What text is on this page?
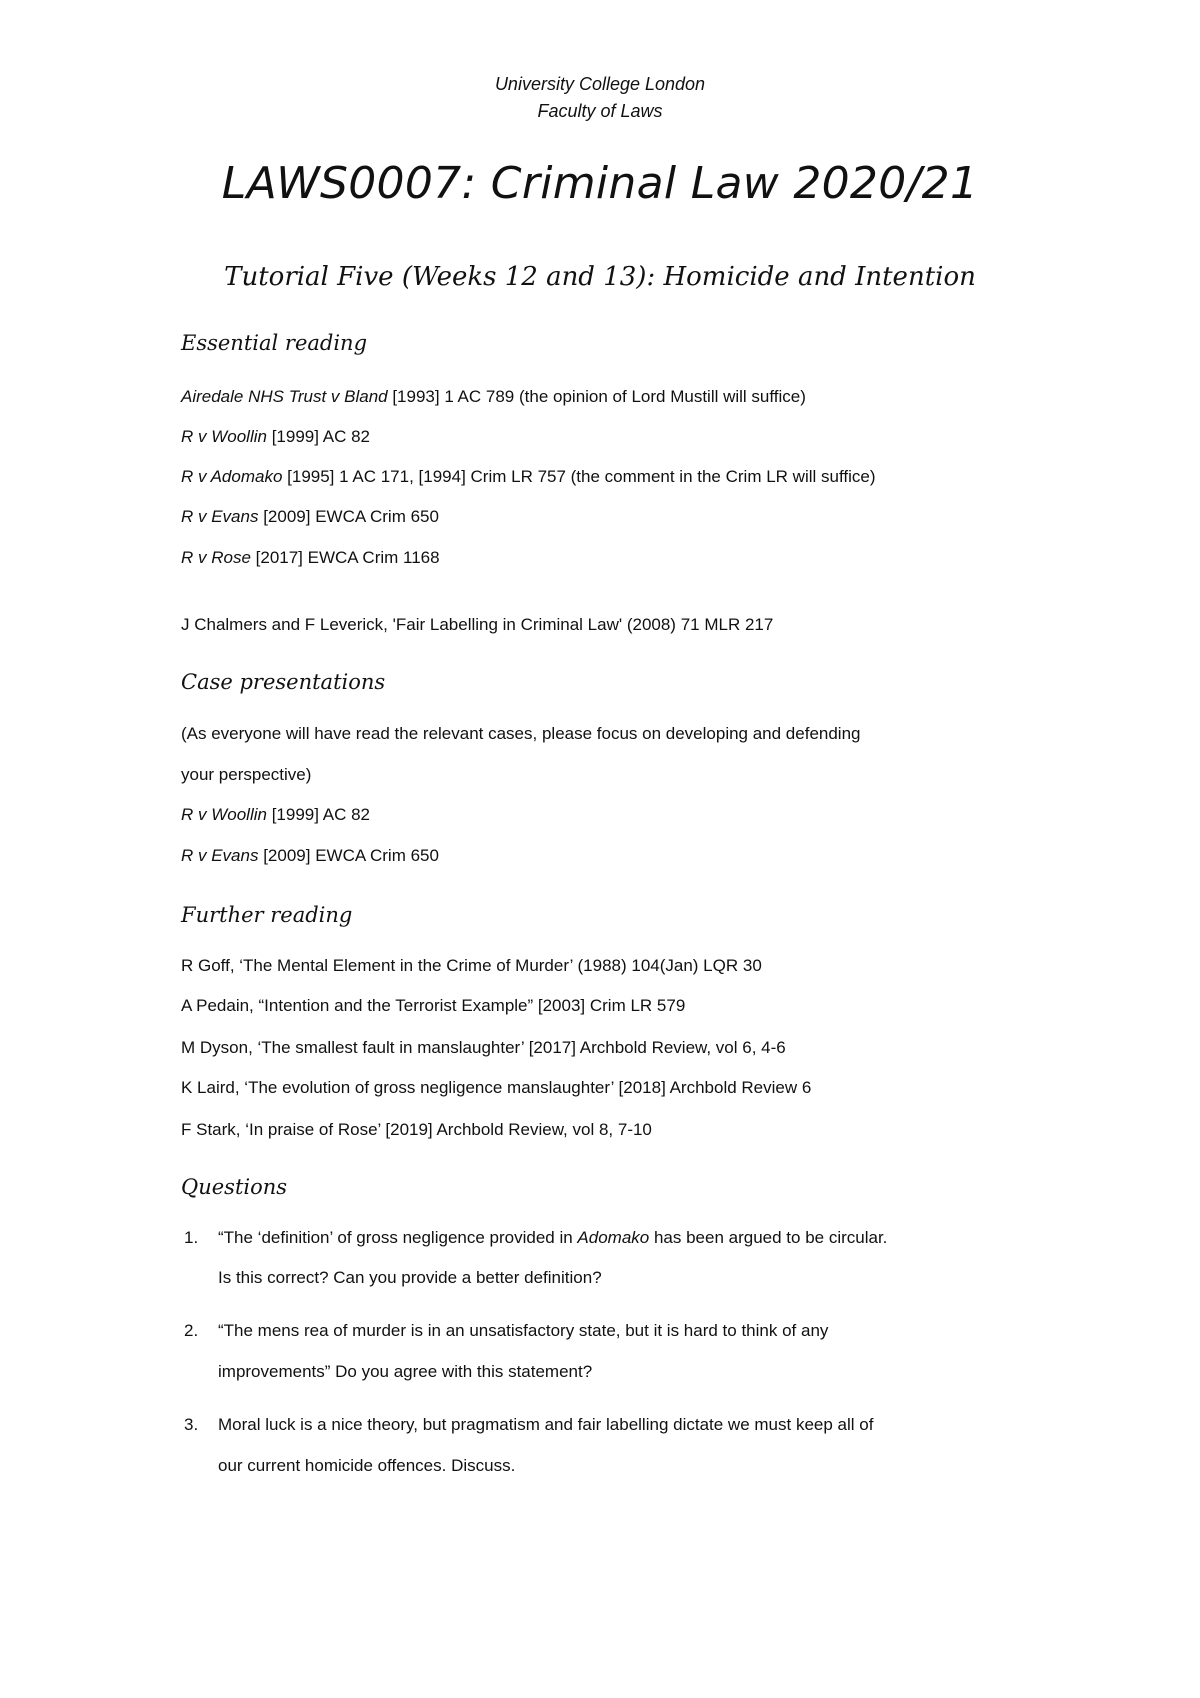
University College London
Faculty of Laws
LAWS0007: Criminal Law 2020/21
Tutorial Five (Weeks 12 and 13): Homicide and Intention
Essential reading
Airedale NHS Trust v Bland [1993] 1 AC 789 (the opinion of Lord Mustill will suffice)
R v Woollin [1999] AC 82
R v Adomako [1995] 1 AC 171, [1994] Crim LR 757 (the comment in the Crim LR will suffice)
R v Evans [2009] EWCA Crim 650
R v Rose [2017] EWCA Crim 1168
J Chalmers and F Leverick, 'Fair Labelling in Criminal Law' (2008) 71 MLR 217
Case presentations
(As everyone will have read the relevant cases, please focus on developing and defending
your perspective)
R v Woollin [1999] AC 82
R v Evans [2009] EWCA Crim 650
Further reading
R Goff, ‘The Mental Element in the Crime of Murder’ (1988) 104(Jan) LQR 30
A Pedain, “Intention and the Terrorist Example” [2003] Crim LR 579
M Dyson, ‘The smallest fault in manslaughter’ [2017] Archbold Review, vol 6, 4-6
K Laird, ‘The evolution of gross negligence manslaughter’ [2018] Archbold Review 6
F Stark, ‘In praise of Rose’ [2019] Archbold Review, vol 8, 7-10
Questions
1. “The ‘definition’ of gross negligence provided in Adomako has been argued to be circular.
Is this correct? Can you provide a better definition?
2. “The mens rea of murder is in an unsatisfactory state, but it is hard to think of any
improvements” Do you agree with this statement?
3. Moral luck is a nice theory, but pragmatism and fair labelling dictate we must keep all of
our current homicide offences. Discuss.
